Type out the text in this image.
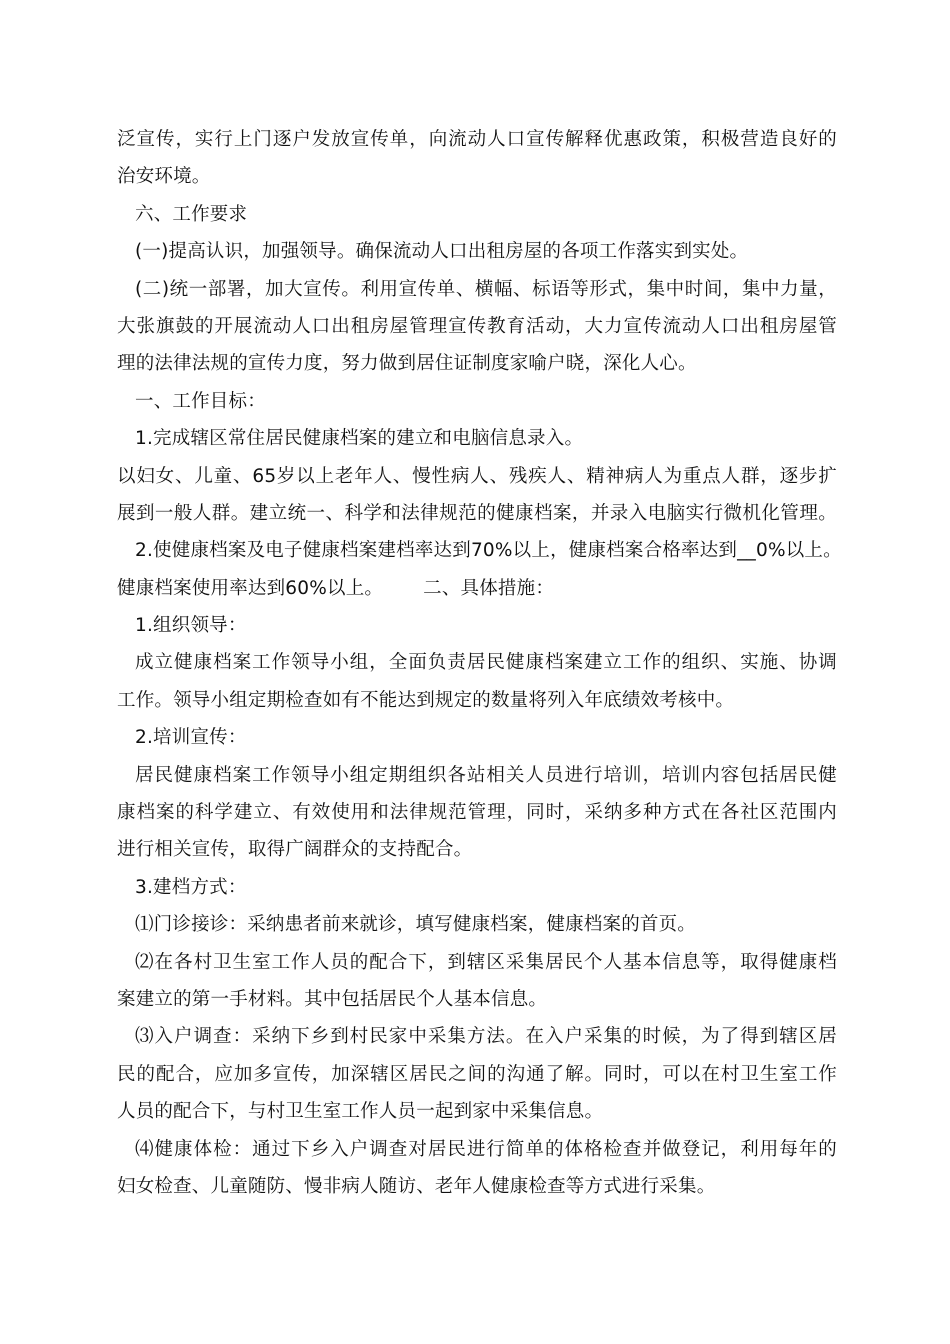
泛宣传，实行上门逐户发放宣传单，向流动人口宣传解释优惠政策，积极营造良好的
治安环境。
六、工作要求
(一)提高认识，加强领导。确保流动人口出租房屋的各项工作落实到实处。
(二)统一部署，加大宣传。利用宣传单、横幅、标语等形式，集中时间，集中力量，
大张旗鼓的开展流动人口出租房屋管理宣传教育活动，大力宣传流动人口出租房屋管
理的法律法规的宣传力度，努力做到居住证制度家喻户晓，深化人心。
一、工作目标：
1.完成辖区常住居民健康档案的建立和电脑信息录入。
以妇女、儿童、65岁以上老年人、慢性病人、残疾人、精神病人为重点人群，逐步扩
展到一般人群。建立统一、科学和法律规范的健康档案，并录入电脑实行微机化管理。
2.使健康档案及电子健康档案建档率达到70%以上，健康档案合格率达到__0%以上。
健康档案使用率达到60%以上。 二、具体措施：
1.组织领导：
成立健康档案工作领导小组，全面负责居民健康档案建立工作的组织、实施、协调
工作。领导小组定期检查如有不能达到规定的数量将列入年底绩效考核中。
2.培训宣传：
居民健康档案工作领导小组定期组织各站相关人员进行培训，培训内容包括居民健
康档案的科学建立、有效使用和法律规范管理，同时，采纳多种方式在各社区范围内
进行相关宣传，取得广阔群众的支持配合。
3.建档方式：
⑴门诊接诊：采纳患者前来就诊，填写健康档案，健康档案的首页。
⑵在各村卫生室工作人员的配合下，到辖区采集居民个人基本信息等，取得健康档
案建立的第一手材料。其中包括居民个人基本信息。
⑶入户调查：采纳下乡到村民家中采集方法。在入户采集的时候，为了得到辖区居
民的配合，应加多宣传，加深辖区居民之间的沟通了解。同时，可以在村卫生室工作
人员的配合下，与村卫生室工作人员一起到家中采集信息。
⑷健康体检：通过下乡入户调查对居民进行简单的体格检查并做登记，利用每年的
妇女检查、儿童随防、慢非病人随访、老年人健康检查等方式进行采集。
